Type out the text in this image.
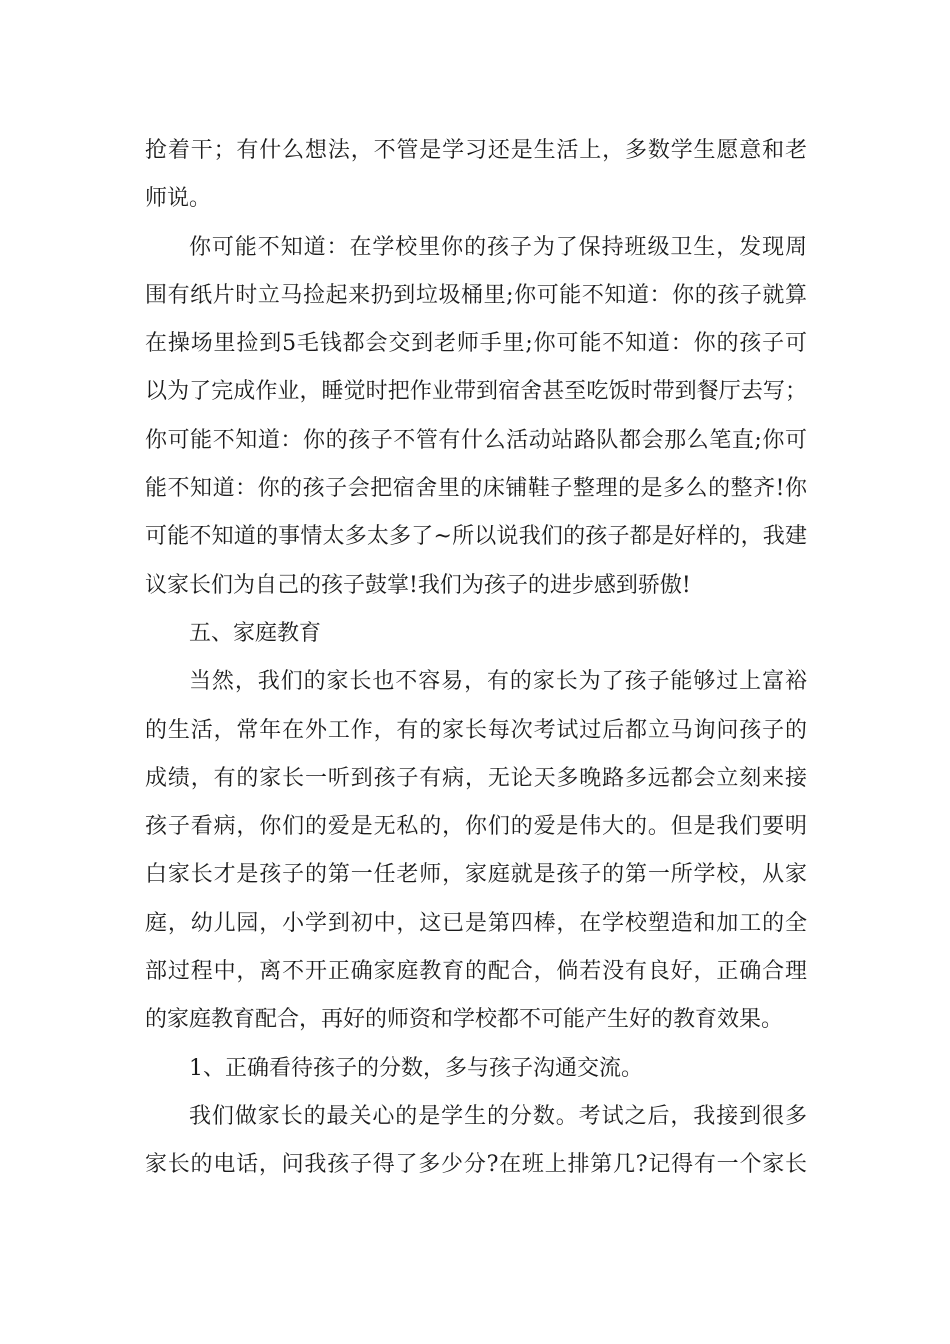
抢着干；有什么想法，不管是学习还是生活上，多数学生愿意和老
师说。
你可能不知道：在学校里你的孩子为了保持班级卫生，发现周
围有纸片时立马捡起来扔到垃圾桶里;你可能不知道：你的孩子就算
在操场里捡到5毛钱都会交到老师手里;你可能不知道：你的孩子可
以为了完成作业，睡觉时把作业带到宿舍甚至吃饭时带到餐厅去写；
你可能不知道：你的孩子不管有什么活动站路队都会那么笔直;你可
能不知道：你的孩子会把宿舍里的床铺鞋子整理的是多么的整齐!你
可能不知道的事情太多太多了~所以说我们的孩子都是好样的，我建
议家长们为自己的孩子鼓掌!我们为孩子的进步感到骄傲!
五、家庭教育
当然，我们的家长也不容易，有的家长为了孩子能够过上富裕
的生活，常年在外工作，有的家长每次考试过后都立马询问孩子的
成绩，有的家长一听到孩子有病，无论天多晚路多远都会立刻来接
孩子看病，你们的爱是无私的，你们的爱是伟大的。但是我们要明
白家长才是孩子的第一任老师，家庭就是孩子的第一所学校，从家
庭，幼儿园，小学到初中，这已是第四棒，在学校塑造和加工的全
部过程中，离不开正确家庭教育的配合，倘若没有良好，正确合理
的家庭教育配合，再好的师资和学校都不可能产生好的教育效果。
1、正确看待孩子的分数，多与孩子沟通交流。
我们做家长的最关心的是学生的分数。考试之后，我接到很多
家长的电话，问我孩子得了多少分?在班上排第几?记得有一个家长
